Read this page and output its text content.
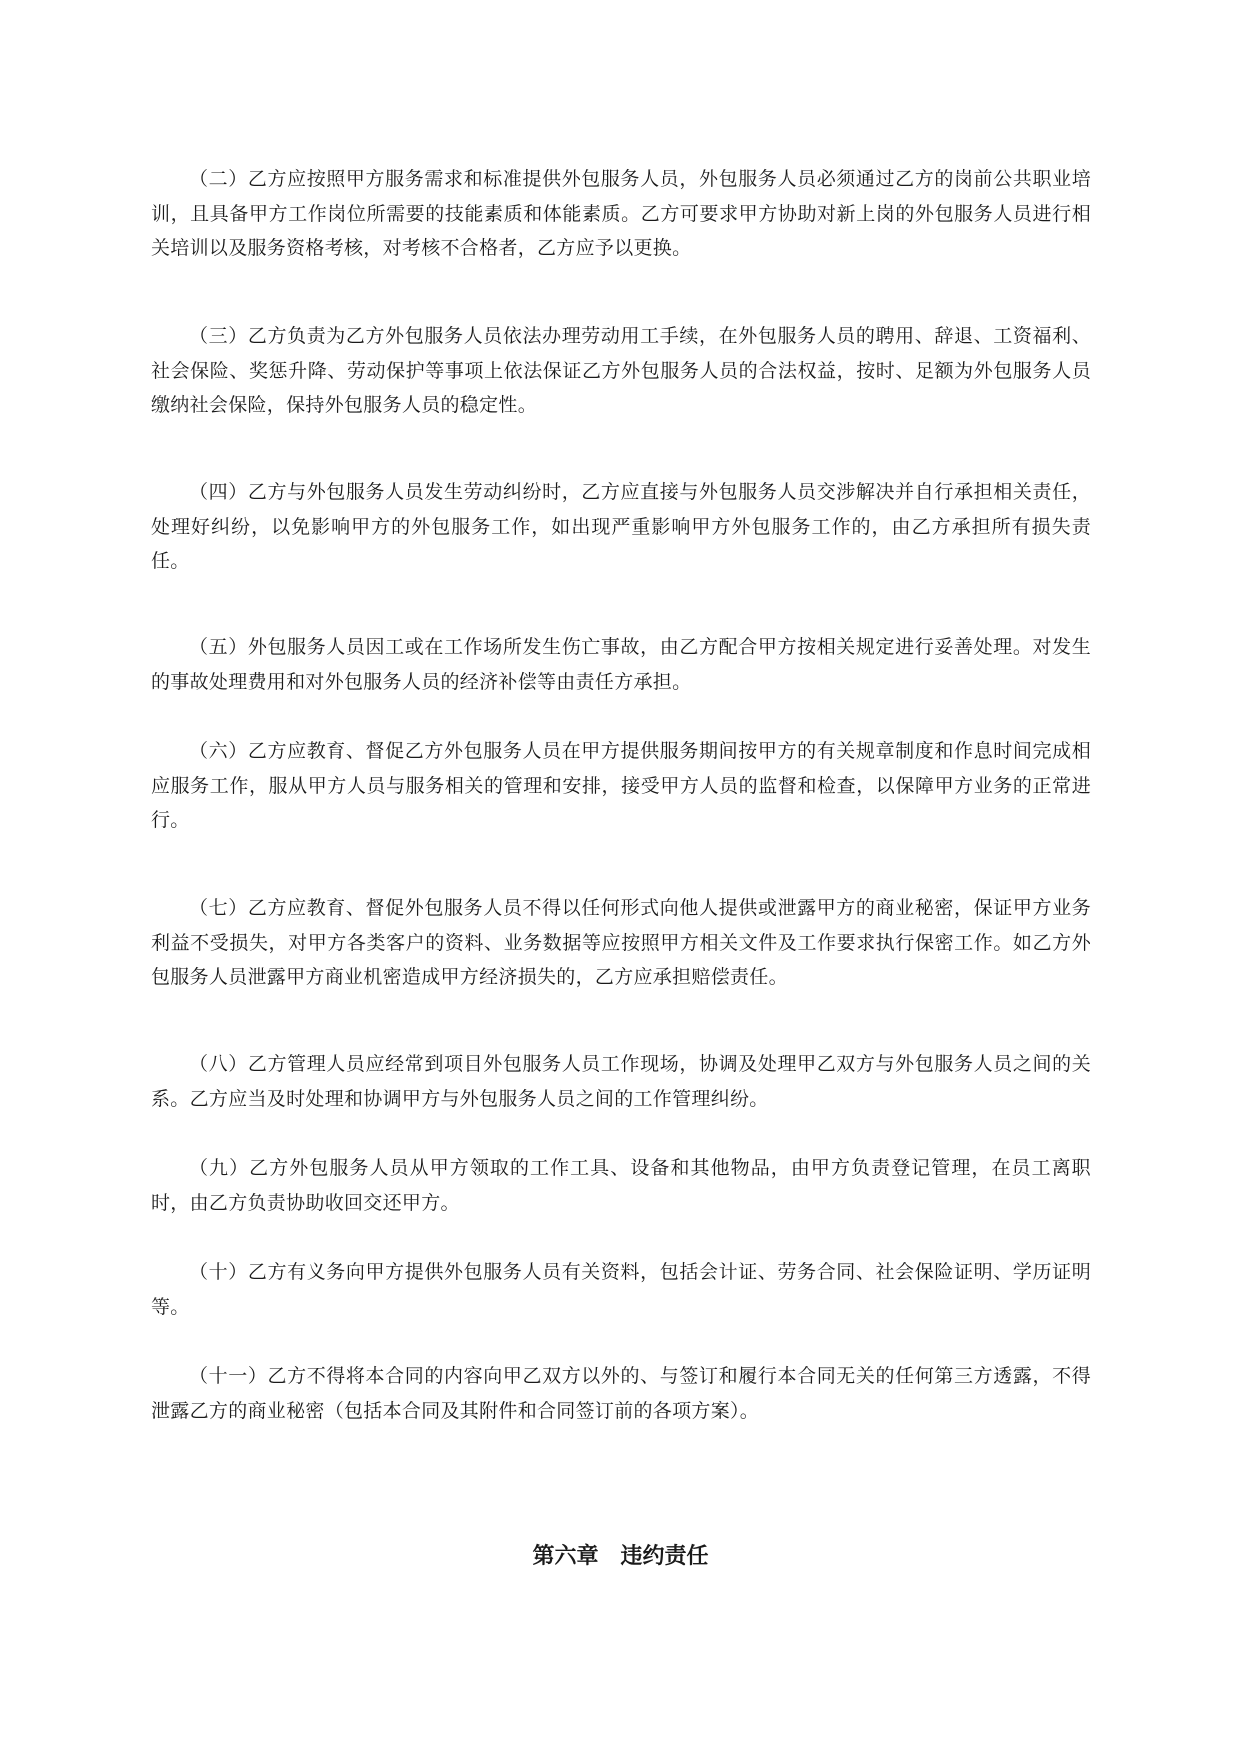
（二）乙方应按照甲方服务需求和标准提供外包服务人员，外包服务人员必须通过乙方的岗前公共职业培训，且具备甲方工作岗位所需要的技能素质和体能素质。乙方可要求甲方协助对新上岗的外包服务人员进行相关培训以及服务资格考核，对考核不合格者，乙方应予以更换。

（三）乙方负责为乙方外包服务人员依法办理劳动用工手续，在外包服务人员的聘用、辞退、工资福利、社会保险、奖惩升降、劳动保护等事项上依法保证乙方外包服务人员的合法权益，按时、足额为外包服务人员缴纳社会保险，保持外包服务人员的稳定性。

（四）乙方与外包服务人员发生劳动纠纷时，乙方应直接与外包服务人员交涉解决并自行承担相关责任，处理好纠纷，以免影响甲方的外包服务工作，如出现严重影响甲方外包服务工作的，由乙方承担所有损失责任。

（五）外包服务人员因工或在工作场所发生伤亡事故，由乙方配合甲方按相关规定进行妥善处理。对发生的事故处理费用和对外包服务人员的经济补偿等由责任方承担。

（六）乙方应教育、督促乙方外包服务人员在甲方提供服务期间按甲方的有关规章制度和作息时间完成相应服务工作，服从甲方人员与服务相关的管理和安排，接受甲方人员的监督和检查，以保障甲方业务的正常进行。

（七）乙方应教育、督促外包服务人员不得以任何形式向他人提供或泄露甲方的商业秘密，保证甲方业务利益不受损失，对甲方各类客户的资料、业务数据等应按照甲方相关文件及工作要求执行保密工作。如乙方外包服务人员泄露甲方商业机密造成甲方经济损失的，乙方应承担赔偿责任。

（八）乙方管理人员应经常到项目外包服务人员工作现场，协调及处理甲乙双方与外包服务人员之间的关系。乙方应当及时处理和协调甲方与外包服务人员之间的工作管理纠纷。

（九）乙方外包服务人员从甲方领取的工作工具、设备和其他物品，由甲方负责登记管理，在员工离职时，由乙方负责协助收回交还甲方。

（十）乙方有义务向甲方提供外包服务人员有关资料，包括会计证、劳务合同、社会保险证明、学历证明等。

（十一）乙方不得将本合同的内容向甲乙双方以外的、与签订和履行本合同无关的任何第三方透露，不得泄露乙方的商业秘密（包括本合同及其附件和合同签订前的各项方案）。

第六章　违约责任
